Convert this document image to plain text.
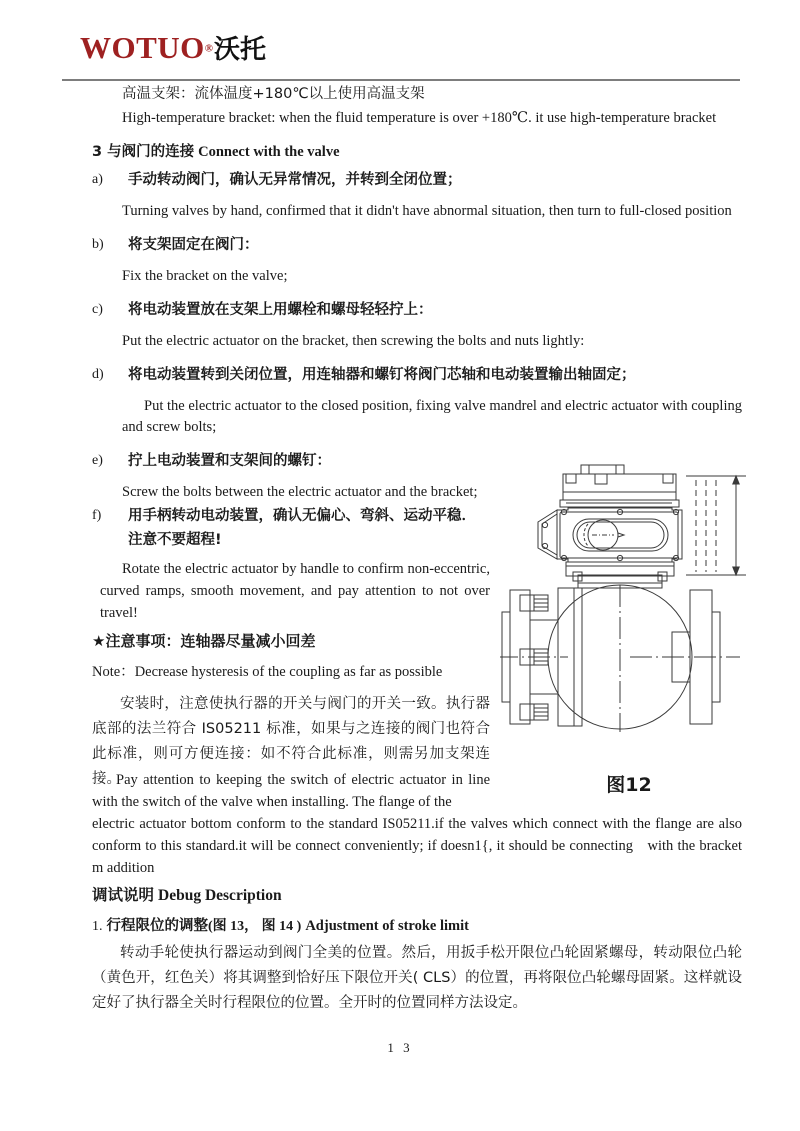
WOTUO®沃托
高温支架：流体温度+180℃以上使用高温支架
High-temperature bracket: when the fluid temperature is over +180℃. it use high-temperature bracket
3 与阀门的连接 Connect with the valve
a) 手动转动阀门，确认无异常情况，并转到全闭位置；
Turning valves by hand, confirmed that it didn't have abnormal situation, then turn to full-closed position
b) 将支架固定在阀门：
Fix the bracket on the valve;
c) 将电动装置放在支架上用螺栓和螺母轻轻拧上：
Put the electric actuator on the bracket, then screwing the bolts and nuts lightly:
d) 将电动装置转到关闭位置，用连轴器和螺钉将阀门芯轴和电动装置输出轴固定；
Put the electric actuator to the closed position, fixing valve mandrel and electric actuator with coupling and screw bolts;
e) 拧上电动装置和支架间的螺钉：
Screw the bolts between the electric actuator and the bracket;
f) 用手柄转动电动装置，确认无偏心、弯斜、运动平稳．注意不要超程!
Rotate the electric actuator by handle to confirm non-eccentric, curved ramps, smooth movement, and pay attention to not over travel!
★注意事项：连轴器尽量减小回差
Note：Decrease hysteresis of the coupling as far as possible
安装时，注意使执行器的开关与阀门的开关一致。执行器底部的法兰符合 IS05211 标准，如果与之连接的阀门也符合此标准，则可方便连接：如不符合此标准，则需另加支架连接。
Pay attention to keeping the switch of electric actuator in line with the switch of the valve when installing. The flange of the
electric actuator bottom conform to the standard IS05211.if the valves which connect with the flange are also conform to this standard.it will be connect conveniently; if doesn1{, it should be connecting with the bracket m addition
调试说明 Debug Description
1. 行程限位的调整(图 13， 图 14 ) Adjustment of stroke limit
转动手轮使执行器运动到阀门全美的位置。然后，用扳手松开限位凸轮固紧螺母，转动限位凸轮（黄色开，红色关）将其调整到恰好压下限位开关( CLS）的位置，再将限位凸轮螺母固紧。这样就设定好了执行器全关时行程限位的位置。全开时的位置同样方法设定。
图12
1 3
